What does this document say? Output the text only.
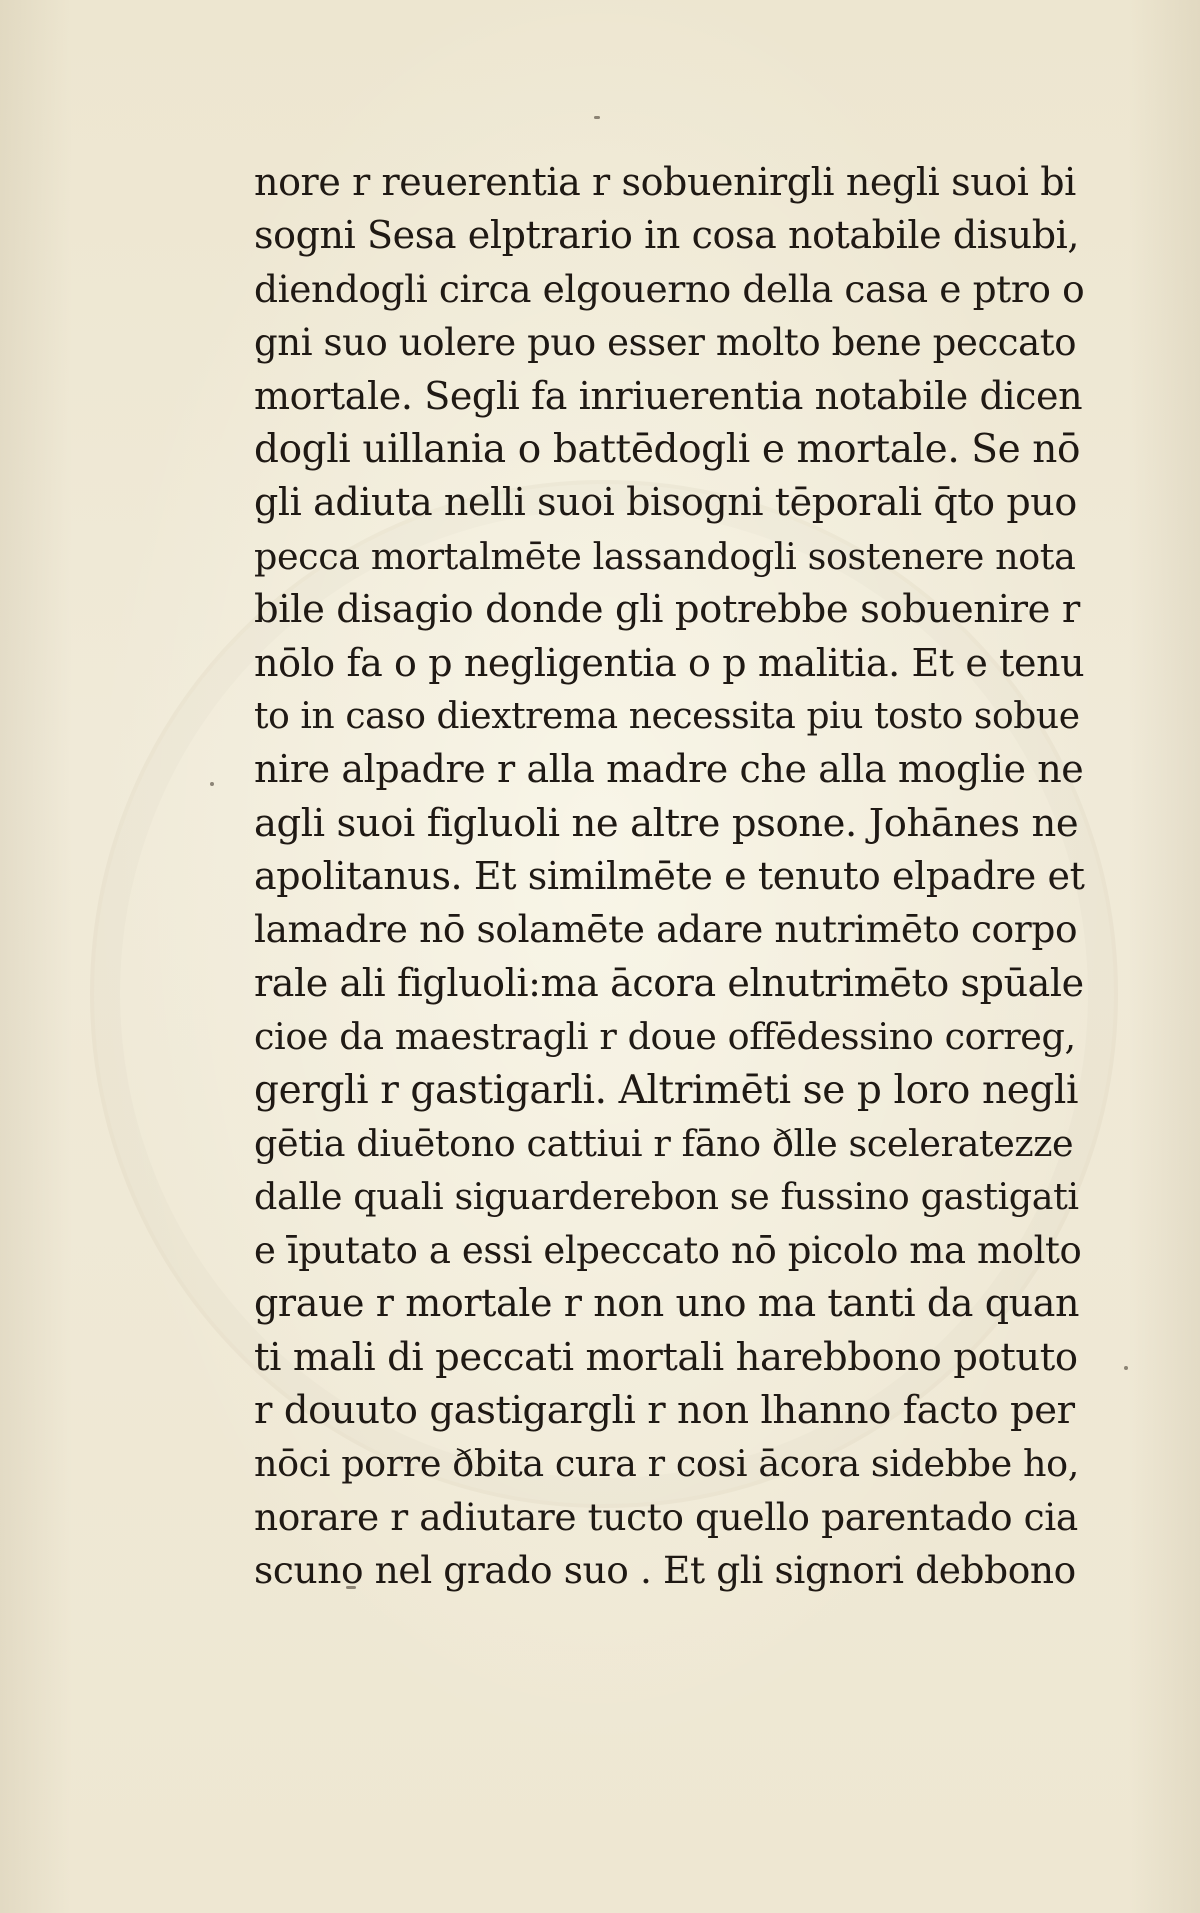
nore r reuerentia r sobuenirgli negli suoi bi
sogni Sesa elptrario in cosa notabile disubi,
diendogli circa elgouerno della casa e ptro o
gni suo uolere puo esser molto bene peccato
mortale. Segli fa inriuerentia notabile dicen
dogli uillania o battēdogli e mortale. Se nō
gli adiuta nelli suoi bisogni tēporali q̄to puo
pecca mortalmēte lassandogli sostenere nota
bile disagio donde gli potrebbe sobuenire r
nōlo fa o p negligentia o p malitia. Et e tenu
to in caso diextrema necessita piu tosto sobue
nire alpadre r alla madre che alla moglie ne
agli suoi figluoli ne altre psone. Johānes ne
apolitanus. Et similmēte e tenuto elpadre et
lamadre nō solamēte adare nutrimēto corpo
rale ali figluoli:ma ācora elnutrimēto spūale
cioe da maestragli r doue offēdessino correg,
gergli r gastigarli. Altrimēti se p loro negli
gētia diuētono cattiui r fāno ðlle sceleratezze
dalle quali siguarderebon se fussino gastigati
e īputato a essi elpeccato nō picolo ma molto
graue r mortale r non uno ma tanti da quan
ti mali di peccati mortali harebbono potuto
r douuto gastigargli r non lhanno facto per
nōci porre ðbita cura r cosi ācora sidebbe ho,
norare r adiutare tucto quello parentado cia
scuno nel grado suo . Et gli signori debbono
